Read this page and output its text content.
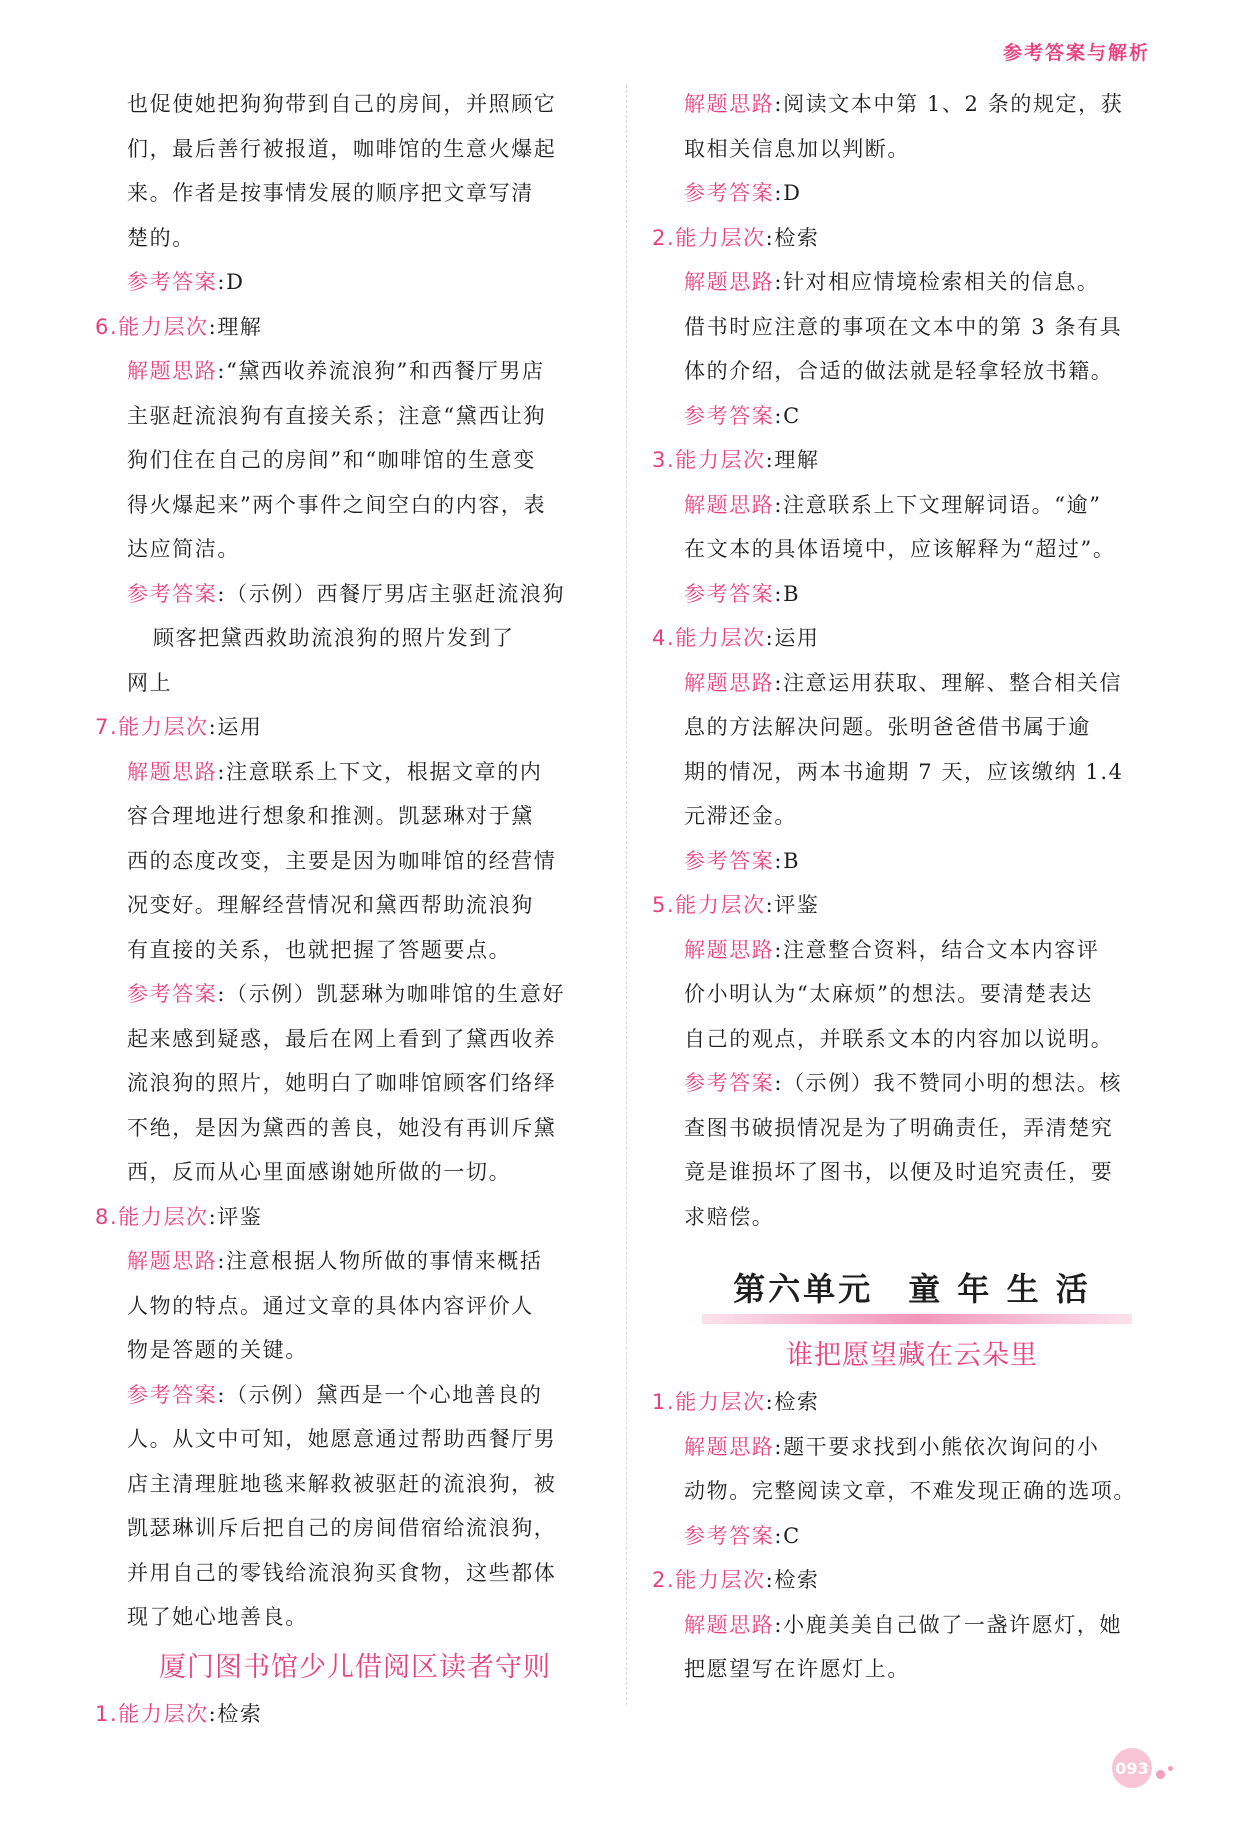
参考答案与解析

也促使她把狗狗带到自己的房间，并照顾它

们，最后善行被报道，咖啡馆的生意火爆起

来。作者是按事情发展的顺序把文章写清

楚的。

参考答案:D

6.能力层次:理解

解题思路:“黛西收养流浪狗”和西餐厅男店

主驱赶流浪狗有直接关系；注意“黛西让狗

狗们住在自己的房间”和“咖啡馆的生意变

得火爆起来”两个事件之间空白的内容，表

达应简洁。

参考答案:（示例）西餐厅男店主驱赶流浪狗

顾客把黛西救助流浪狗的照片发到了

网上

7.能力层次:运用

解题思路:注意联系上下文，根据文章的内

容合理地进行想象和推测。凯瑟琳对于黛

西的态度改变，主要是因为咖啡馆的经营情

况变好。理解经营情况和黛西帮助流浪狗

有直接的关系，也就把握了答题要点。

参考答案:（示例）凯瑟琳为咖啡馆的生意好

起来感到疑惑，最后在网上看到了黛西收养

流浪狗的照片，她明白了咖啡馆顾客们络绎

不绝，是因为黛西的善良，她没有再训斥黛

西，反而从心里面感谢她所做的一切。

8.能力层次:评鉴

解题思路:注意根据人物所做的事情来概括

人物的特点。通过文章的具体内容评价人

物是答题的关键。

参考答案:（示例）黛西是一个心地善良的

人。从文中可知，她愿意通过帮助西餐厅男

店主清理脏地毯来解救被驱赶的流浪狗，被

凯瑟琳训斥后把自己的房间借宿给流浪狗，

并用自己的零钱给流浪狗买食物，这些都体

现了她心地善良。

厦门图书馆少儿借阅区读者守则

1.能力层次:检索

解题思路:阅读文本中第 1、2 条的规定，获

取相关信息加以判断。

参考答案:D

2.能力层次:检索

解题思路:针对相应情境检索相关的信息。

借书时应注意的事项在文本中的第 3 条有具

体的介绍，合适的做法就是轻拿轻放书籍。

参考答案:C

3.能力层次:理解

解题思路:注意联系上下文理解词语。“逾”

在文本的具体语境中，应该解释为“超过”。

参考答案:B

4.能力层次:运用

解题思路:注意运用获取、理解、整合相关信

息的方法解决问题。张明爸爸借书属于逾

期的情况，两本书逾期 7 天，应该缴纳 1.4

元滞还金。

参考答案:B

5.能力层次:评鉴

解题思路:注意整合资料，结合文本内容评

价小明认为“太麻烦”的想法。要清楚表达

自己的观点，并联系文本的内容加以说明。

参考答案:（示例）我不赞同小明的想法。核

查图书破损情况是为了明确责任，弄清楚究

竟是谁损坏了图书，以便及时追究责任，要

求赔偿。

第六单元　童 年 生 活
谁把愿望藏在云朵里

1.能力层次:检索

解题思路:题干要求找到小熊依次询问的小

动物。完整阅读文章，不难发现正确的选项。

参考答案:C

2.能力层次:检索

解题思路:小鹿美美自己做了一盏许愿灯，她

把愿望写在许愿灯上。

093
